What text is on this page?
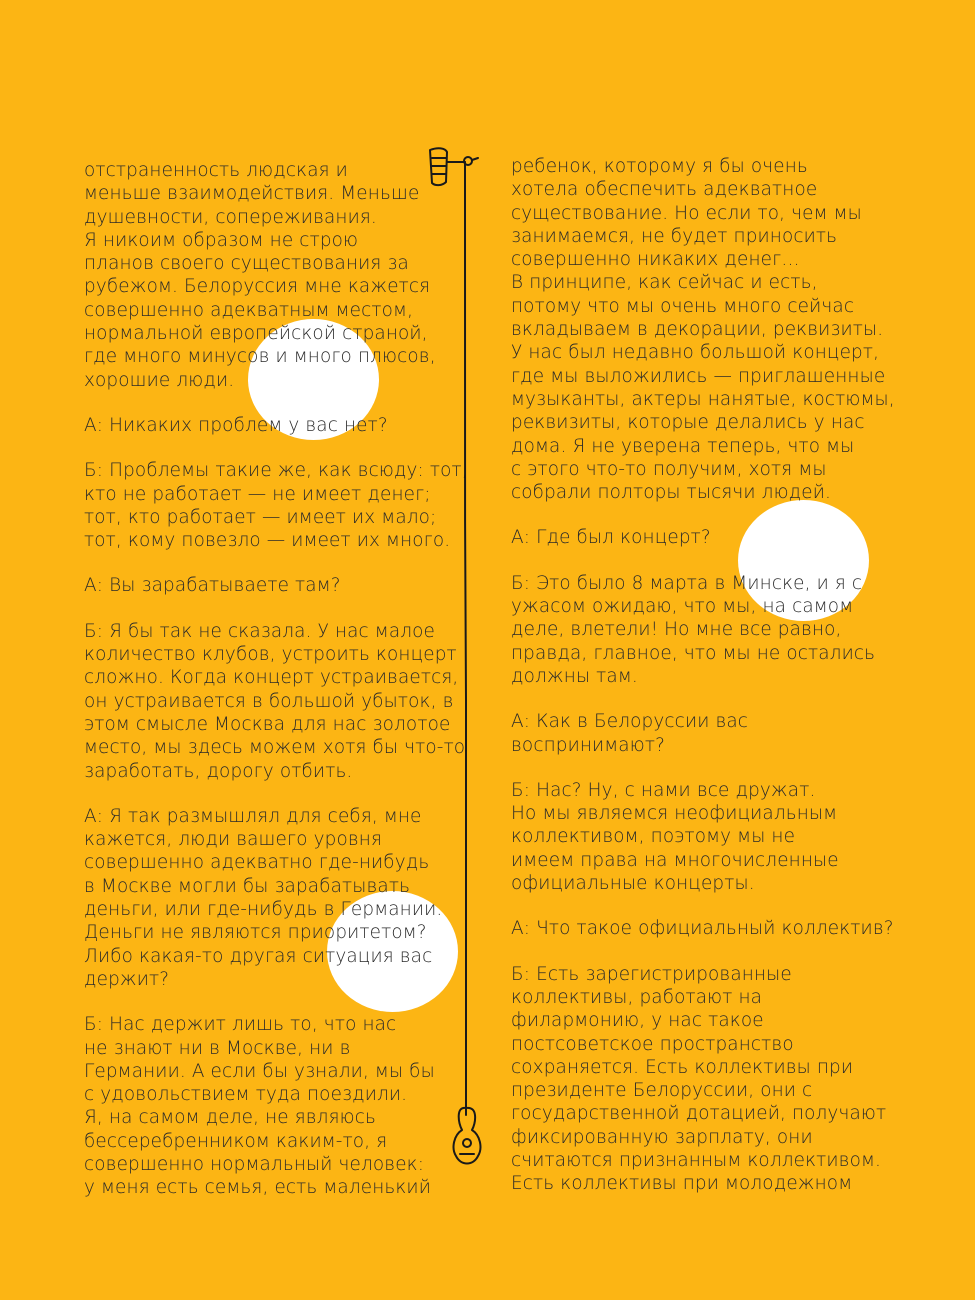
отстраненность людская и
меньше взаимодействия. Меньше
душевности, сопереживания.
Я никоим образом не строю
планов своего существования за
рубежом. Белоруссия мне кажется
совершенно адекватным местом,
нормальной европейской страной,
где много минусов и много плюсов,
хорошие люди.

А: Никаких проблем у вас нет?

Б: Проблемы такие же, как всюду: тот,
кто не работает — не имеет денег;
тот, кто работает — имеет их мало;
тот, кому повезло — имеет их много.

А: Вы зарабатываете там?

Б: Я бы так не сказала. У нас малое
количество клубов, устроить концерт
сложно. Когда концерт устраивается,
он устраивается в большой убыток, в
этом смысле Москва для нас золотое
место, мы здесь можем хотя бы что-то
заработать, дорогу отбить.

А: Я так размышлял для себя, мне
кажется, люди вашего уровня
совершенно адекватно где-нибудь
в Москве могли бы зарабатывать
деньги, или где-нибудь в Германии.
Деньги не являются приоритетом?
Либо какая-то другая ситуация вас
держит?

Б: Нас держит лишь то, что нас
не знают ни в Москве, ни в
Германии. А если бы узнали, мы бы
с удовольствием туда поездили.
Я, на самом деле, не являюсь
бессеребренником каким-то, я
совершенно нормальный человек:
у меня есть семья, есть маленький

ребенок, которому я бы очень
хотела обеспечить адекватное
существование. Но если то, чем мы
занимаемся, не будет приносить
совершенно никаких денег…
В принципе, как сейчас и есть,
потому что мы очень много сейчас
вкладываем в декорации, реквизиты.
У нас был недавно большой концерт,
где мы выложились — приглашенные
музыканты, актеры нанятые, костюмы,
реквизиты, которые делались у нас
дома. Я не уверена теперь, что мы
с этого что-то получим, хотя мы
собрали полторы тысячи людей.

А: Где был концерт?

Б: Это было 8 марта в Минске, и я с
ужасом ожидаю, что мы, на самом
деле, влетели! Но мне все равно,
правда, главное, что мы не остались
должны там.

А: Как в Белоруссии вас
воспринимают?

Б: Нас? Ну, с нами все дружат.
Но мы являемся неофициальным
коллективом, поэтому мы не
имеем права на многочисленные
официальные концерты.

А: Что такое официальный коллектив?

Б: Есть зарегистрированные
коллективы, работают на
филармонию, у нас такое
постсоветское пространство
сохраняется. Есть коллективы при
президенте Белоруссии, они с
государственной дотацией, получают
фиксированную зарплату, они
считаются признанным коллективом.
Есть коллективы при молодежном
